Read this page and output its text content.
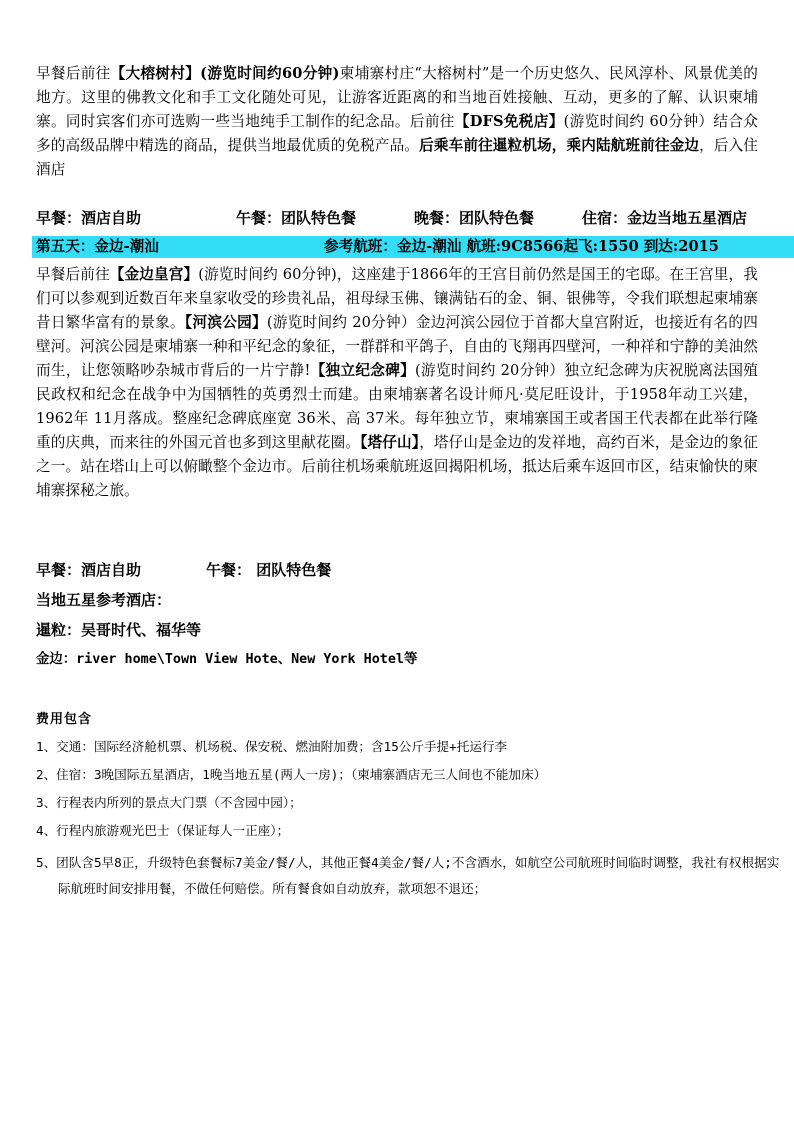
早餐后前往【大榕树村】(游览时间约60分钟)柬埔寨村庄“大榕树村”是一个历史悠久、民风淳朴、风景优美的地方。这里的佛教文化和手工文化随处可见，让游客近距离的和当地百姓接触、互动，更多的了解、认识柬埔寨。同时宾客们亦可选购一些当地纯手工制作的纪念品。后前往【DFS免税店】(游览时间约 60分钟）结合众多的高级品牌中精选的商品，提供当地最优质的免税产品。后乘车前往暹粒机场，乘内陆航班前往金边，后入住酒店
早餐：酒店自助	午餐：团队特色餐	晚餐：团队特色餐	住宿：金边当地五星酒店
第五天：金边-潮汕	参考航班：金边-潮汕 航班:9C8566起飞:1550 到达:2015
早餐后前往【金边皇宫】(游览时间约 60分钟)，这座建于1866年的王宫目前仍然是国王的宅邸。在王宫里，我们可以参观到近数百年来皇家收受的珍贵礼品，祖母绿玉佛、镶满钻石的金、铜、银佛等，令我们联想起柬埔寨昔日繁华富有的景象。【河滨公园】(游览时间约 20分钟）金边河滨公园位于首都大皇宫附近，也接近有名的四壁河。河滨公园是柬埔寨一种和平纪念的象征，一群群和平鸽子，自由的飞翔再四壁河，一种祥和宁静的美油然而生，让您领略吵杂城市背后的一片宁静!【独立纪念碑】(游览时间约 20分钟）独立纪念碑为庆祝脱离法国殖民政权和纪念在战争中为国牺牲的英勇烈士而建。由柬埔寨著名设计师凡·莫尼旺设计，于1958年动工兴建，1962年 11月落成。整座纪念碑底座宽 36米、高 37米。每年独立节，柬埔寨国王或者国王代表都在此举行隆重的庆典，而来往的外国元首也多到这里献花圈。【塔仔山】，塔仔山是金边的发祥地，高约百米，是金边的象征之一。站在塔山上可以俯瞰整个金边市。后前往机场乘航班返回揭阳机场，抵达后乘车返回市区，结束愉快的柬埔寨探秘之旅。
早餐：酒店自助	午餐： 团队特色餐
当地五星参考酒店：
暹粒：吴哥时代、福华等
金边：river home\Town View Hote、New York Hotel等
费用包含
1、交通：国际经济舱机票、机场税、保安税、燃油附加费；含15公斤手提+托运行李
2、住宿：3晚国际五星酒店，1晚当地五星(两人一房)；（柬埔寨酒店无三人间也不能加床）
3、行程表内所列的景点大门票（不含园中园）；
4、行程内旅游观光巴士（保证每人一正座）；
5、团队含5早8正，升级特色套餐标7美金/餐/人，其他正餐4美金/餐/人;不含酒水，如航空公司航班时间临时调整，我社有权根据实际航班时间安排用餐，不做任何赔偿。所有餐食如自动放弃，款项恕不退还；
